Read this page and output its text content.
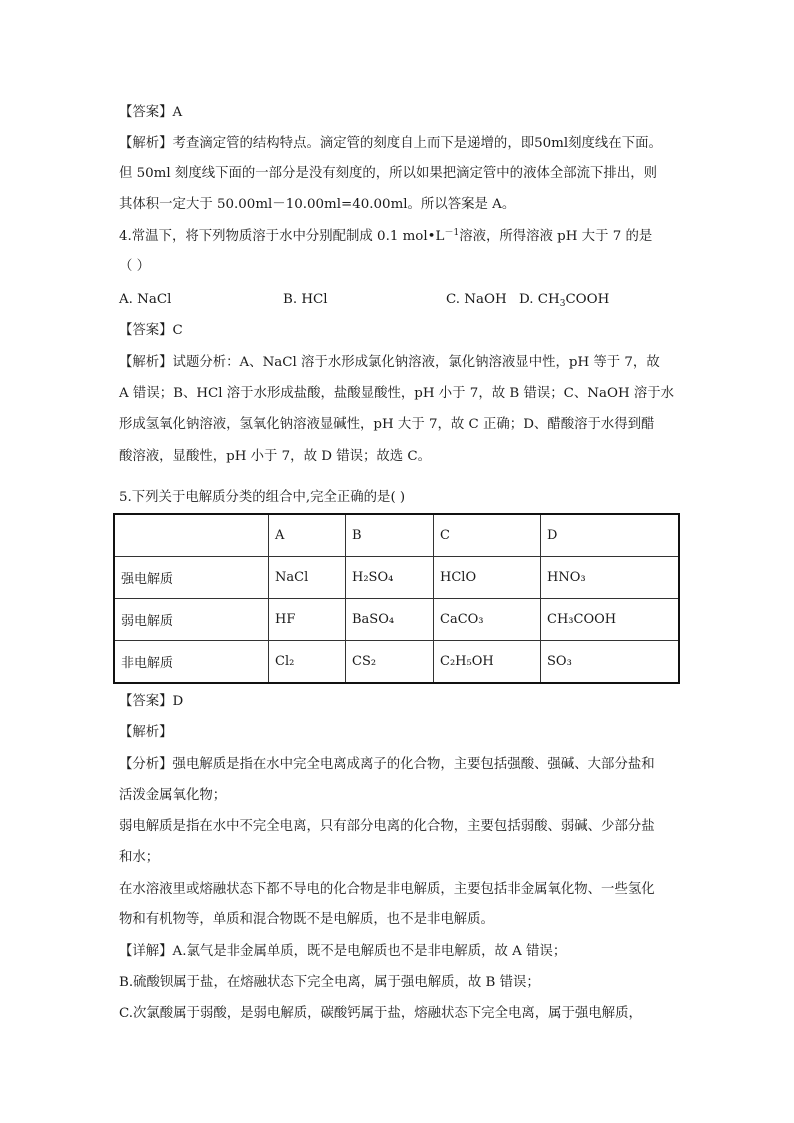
【答案】A
【解析】考查滴定管的结构特点。滴定管的刻度自上而下是递增的，即50ml刻度线在下面。
但 50ml 刻度线下面的一部分是没有刻度的，所以如果把滴定管中的液体全部流下排出，则
其体积一定大于 50.00ml－10.00ml=40.00ml。所以答案是 A。
4.常温下，将下列物质溶于水中分别配制成 0.1 $mol•L^{-1}$溶液，所得溶液 pH 大于 7 的是
（ ）
A. NaCl	B. HCl	C. NaOH D. $CH_3COOH$
【答案】C
【解析】试题分析：A、NaCl 溶于水形成氯化钠溶液，氯化钠溶液显中性，pH 等于 7，故
A 错误；B、HCl 溶于水形成盐酸，盐酸显酸性，pH 小于 7，故 B 错误；C、NaOH 溶于水
形成氢氧化钠溶液，氢氧化钠溶液显碱性，pH 大于 7，故 C 正确；D、醋酸溶于水得到醋
酸溶液，显酸性，pH 小于 7，故 D 错误；故选 C。
5.下列关于电解质分类的组合中,完全正确的是( )
	A	B	C	D
强电解质	NaCl	H₂SO₄	HClO	HNO₃
弱电解质	HF	BaSO₄	CaCO₃	CH₃COOH
非电解质	Cl₂	CS₂	C₂H₅OH	SO₃
【答案】D
【解析】
【分析】强电解质是指在水中完全电离成离子的化合物，主要包括强酸、强碱、大部分盐和
活泼金属氧化物；
弱电解质是指在水中不完全电离，只有部分电离的化合物，主要包括弱酸、弱碱、少部分盐
和水；
在水溶液里或熔融状态下都不导电的化合物是非电解质，主要包括非金属氧化物、一些氢化
物和有机物等，单质和混合物既不是电解质，也不是非电解质。
【详解】A.氯气是非金属单质，既不是电解质也不是非电解质，故 A 错误；
B.硫酸钡属于盐，在熔融状态下完全电离，属于强电解质，故 B 错误；
C.次氯酸属于弱酸，是弱电解质，碳酸钙属于盐，熔融状态下完全电离，属于强电解质，
